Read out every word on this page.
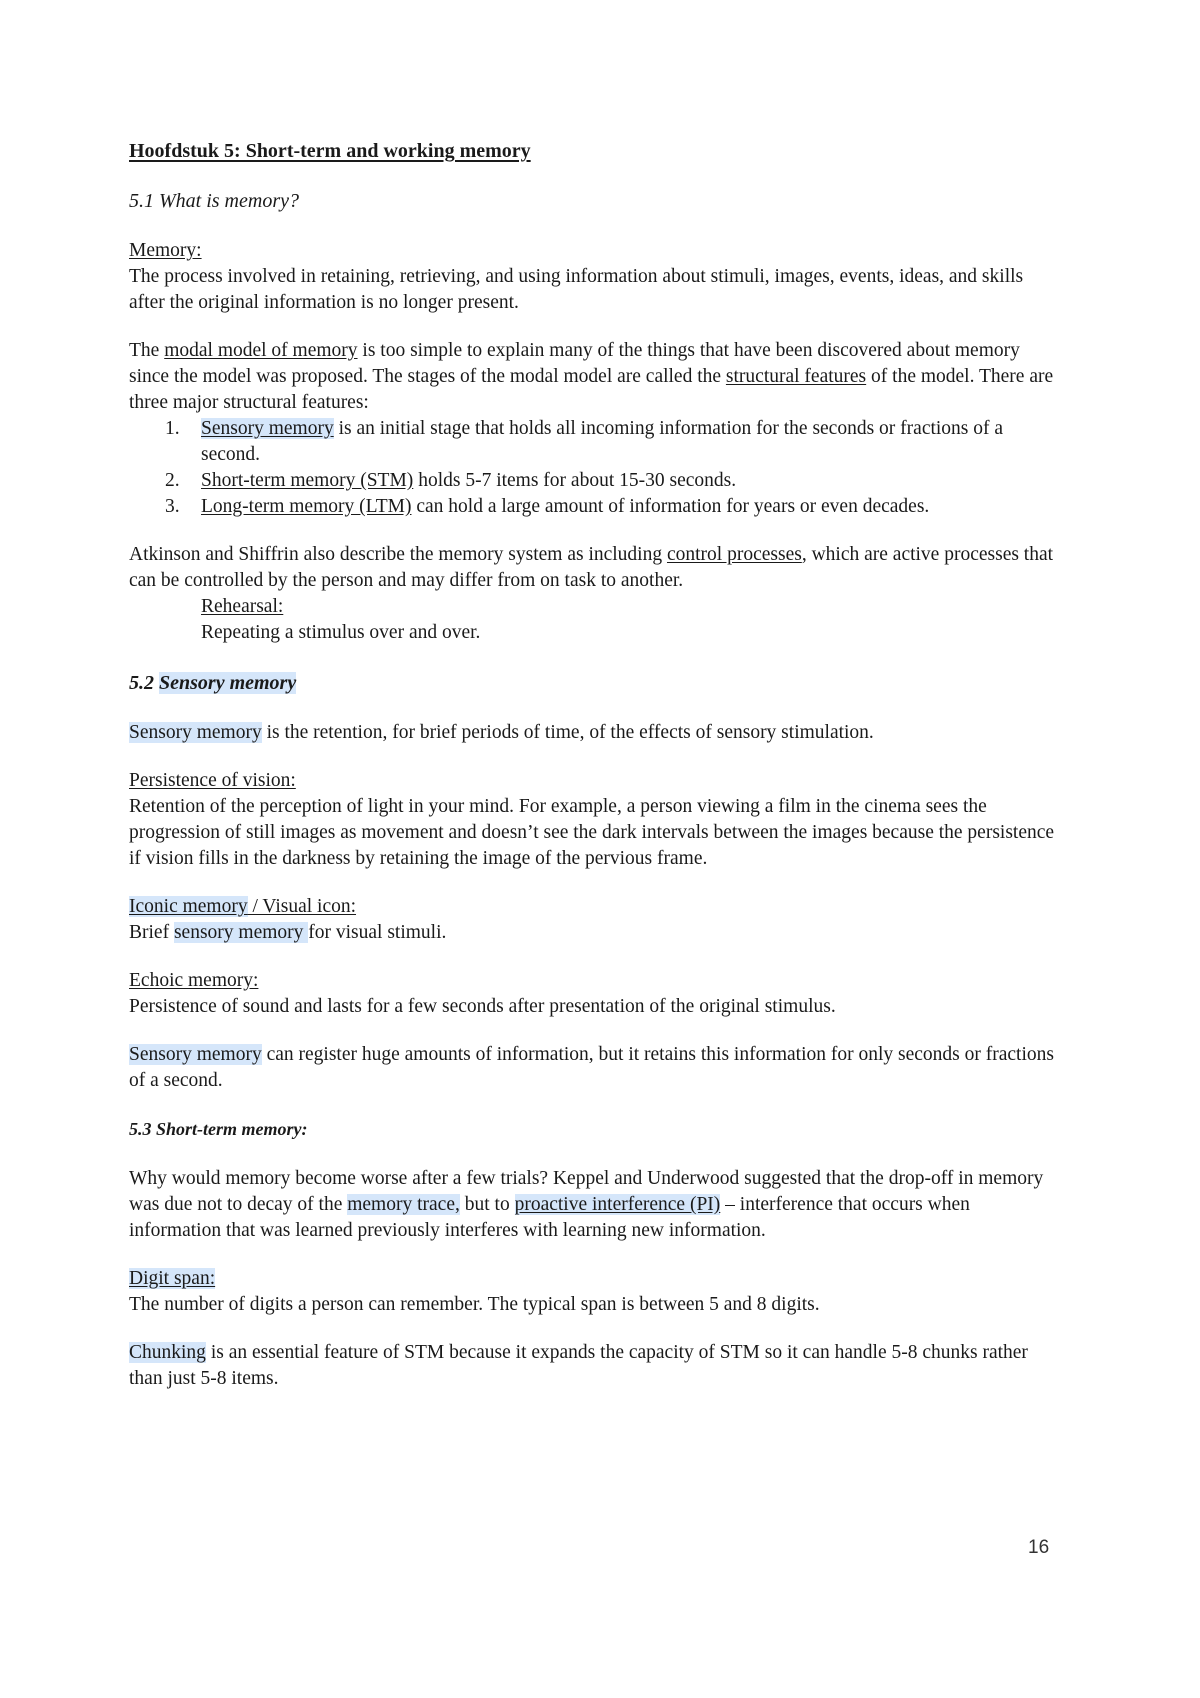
Hoofdstuk 5: Short-term and working memory

5.1 What is memory?

Memory:

The process involved in retaining, retrieving, and using information about stimuli, images, events, ideas, and skills after the original information is no longer present.

The modal model of memory is too simple to explain many of the things that have been discovered about memory since the model was proposed. The stages of the modal model are called the structural features of the model. There are three major structural features:

1.	Sensory memory is an initial stage that holds all incoming information for the seconds or fractions of a second.
2.	Short-term memory (STM) holds 5-7 items for about 15-30 seconds.
3.	Long-term memory (LTM) can hold a large amount of information for years or even decades.

Atkinson and Shiffrin also describe the memory system as including control processes, which are active processes that can be controlled by the person and may differ from on task to another.

Rehearsal:

Repeating a stimulus over and over.

5.2 Sensory memory

Sensory memory is the retention, for brief periods of time, of the effects of sensory stimulation.

Persistence of vision:

Retention of the perception of light in your mind. For example, a person viewing a film in the cinema sees the progression of still images as movement and doesn’t see the dark intervals between the images because the persistence if vision fills in the darkness by retaining the image of the pervious frame.

Iconic memory / Visual icon:

Brief sensory memory for visual stimuli.

Echoic memory:

Persistence of sound and lasts for a few seconds after presentation of the original stimulus.

Sensory memory can register huge amounts of information, but it retains this information for only seconds or fractions of a second.

5.3 Short-term memory:

Why would memory become worse after a few trials? Keppel and Underwood suggested that the drop-off in memory was due not to decay of the memory trace, but to proactive interference (PI) – interference that occurs when information that was learned previously interferes with learning new information.

Digit span:

The number of digits a person can remember. The typical span is between 5 and 8 digits.

Chunking is an essential feature of STM because it expands the capacity of STM so it can handle 5-8 chunks rather than just 5-8 items.

16
